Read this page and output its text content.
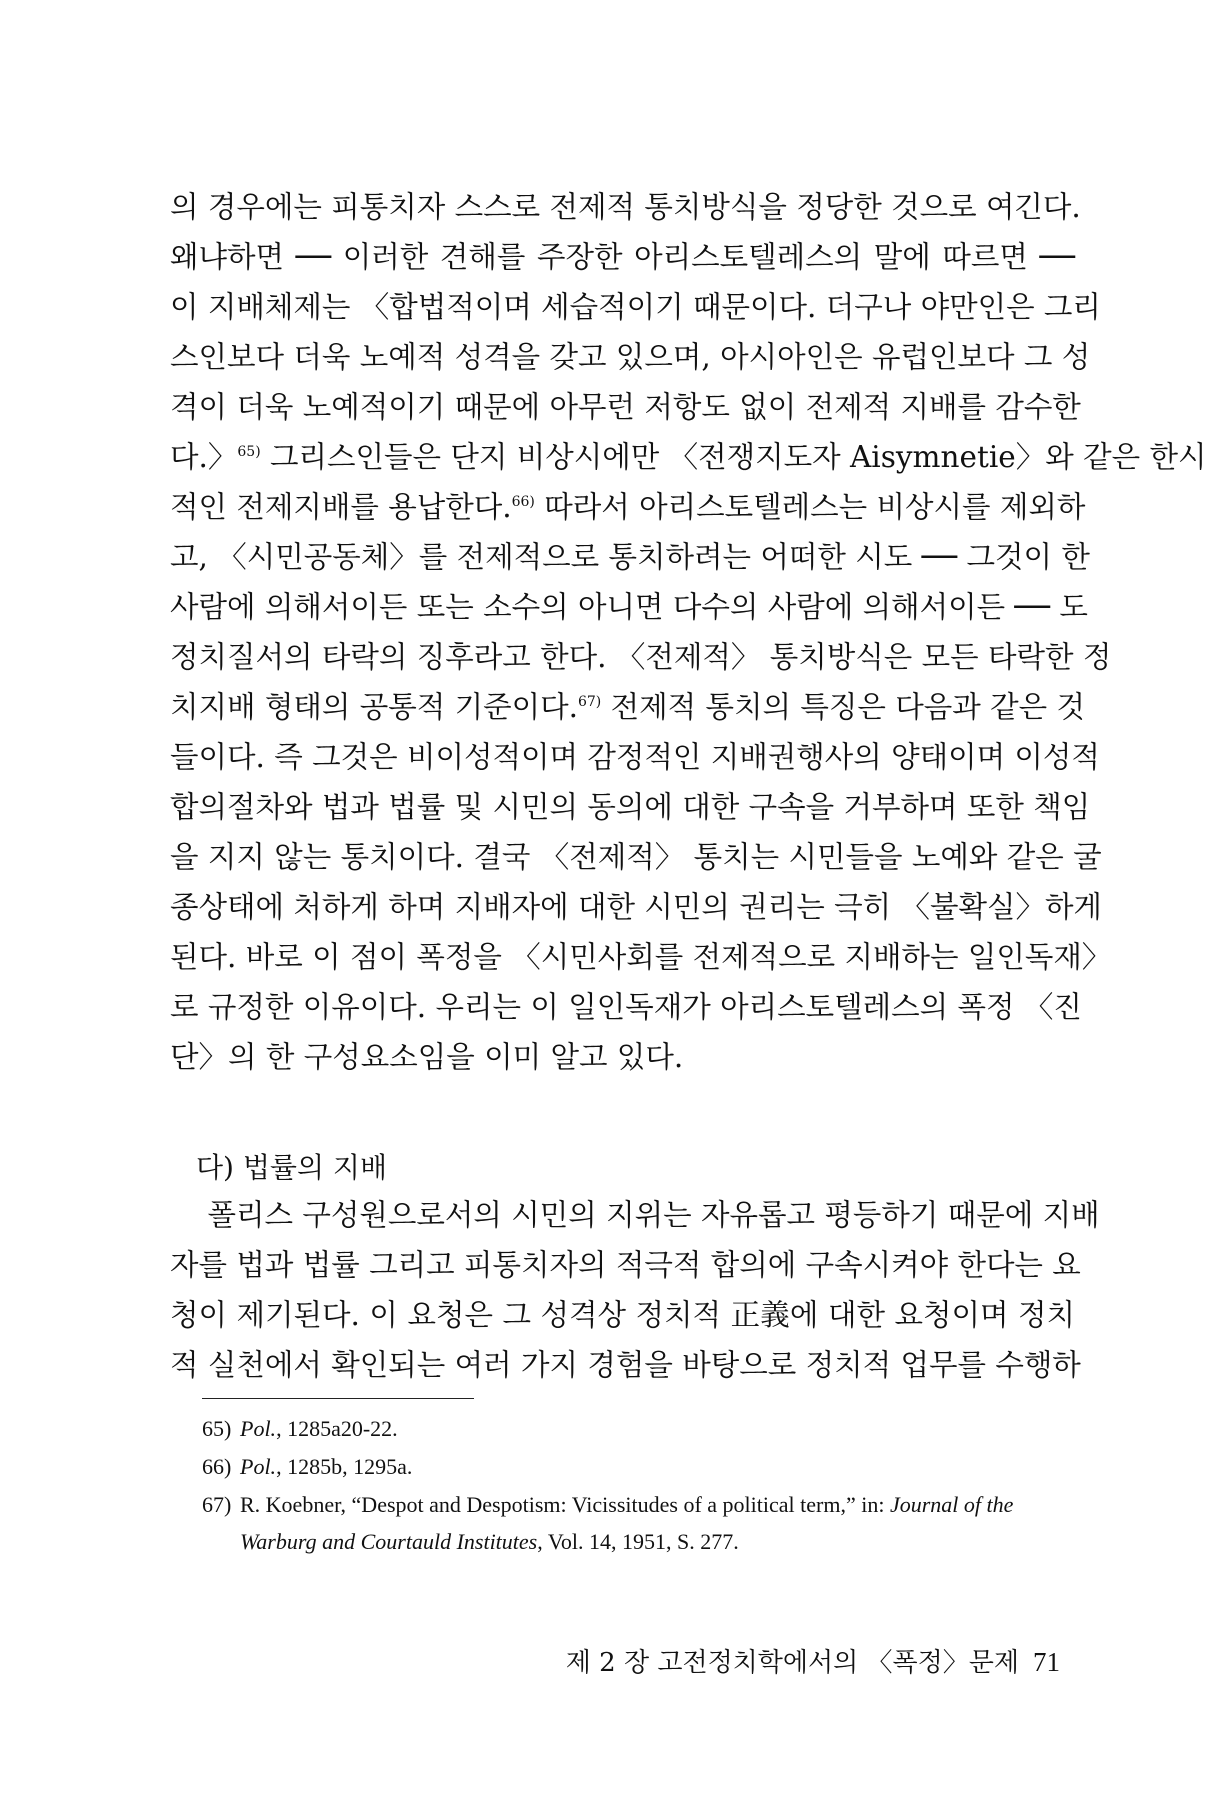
의 경우에는 피통치자 스스로 전제적 통치방식을 정당한 것으로 여긴다.
왜냐하면 ── 이러한 견해를 주장한 아리스토텔레스의 말에 따르면 ──
이 지배체제는 〈합법적이며 세습적이기 때문이다. 더구나 야만인은 그리
스인보다 더욱 노예적 성격을 갖고 있으며, 아시아인은 유럽인보다 그 성
격이 더욱 노예적이기 때문에 아무런 저항도 없이 전제적 지배를 감수한
다.〉$^{65)}$ 그리스인들은 단지 비상시에만 〈전쟁지도자 Aisymnetie〉와 같은 한시
적인 전제지배를 용납한다.$^{66)}$ 따라서 아리스토텔레스는 비상시를 제외하
고, 〈시민공동체〉를 전제적으로 통치하려는 어떠한 시도 ── 그것이 한
사람에 의해서이든 또는 소수의 아니면 다수의 사람에 의해서이든 ── 도
정치질서의 타락의 징후라고 한다. 〈전제적〉 통치방식은 모든 타락한 정
치지배 형태의 공통적 기준이다.$^{67)}$ 전제적 통치의 특징은 다음과 같은 것
들이다. 즉 그것은 비이성적이며 감정적인 지배권행사의 양태이며 이성적
합의절차와 법과 법률 및 시민의 동의에 대한 구속을 거부하며 또한 책임
을 지지 않는 통치이다. 결국 〈전제적〉 통치는 시민들을 노예와 같은 굴
종상태에 처하게 하며 지배자에 대한 시민의 권리는 극히 〈불확실〉하게
된다. 바로 이 점이 폭정을 〈시민사회를 전제적으로 지배하는 일인독재〉
로 규정한 이유이다. 우리는 이 일인독재가 아리스토텔레스의 폭정 〈진
단〉의 한 구성요소임을 이미 알고 있다.
다) 법률의 지배
폴리스 구성원으로서의 시민의 지위는 자유롭고 평등하기 때문에 지배
자를 법과 법률 그리고 피통치자의 적극적 합의에 구속시켜야 한다는 요
청이 제기된다. 이 요청은 그 성격상 정치적 正義에 대한 요청이며 정치
적 실천에서 확인되는 여러 가지 경험을 바탕으로 정치적 업무를 수행하
65) Pol., 1285a20-22.
66) Pol., 1285b, 1295a.
67) R. Koebner, “Despot and Despotism: Vicissitudes of a political term,” in: Journal of the
Warburg and Courtauld Institutes, Vol. 14, 1951, S. 277.
제 2 장 고전정치학에서의 〈폭정〉문제 71
